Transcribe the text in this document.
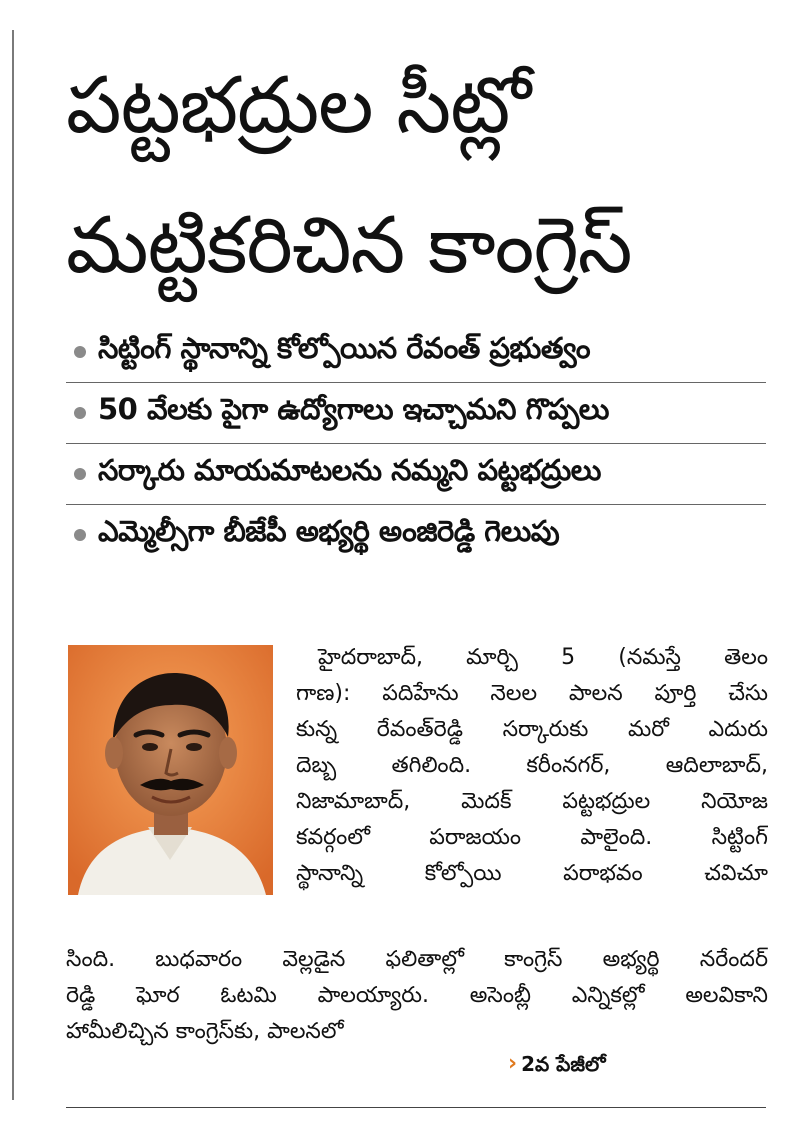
పట్టభద్రుల సీట్లో
మట్టికరిచిన కాంగ్రెస్
సిట్టింగ్ స్థానాన్ని కోల్పోయిన రేవంత్ ప్రభుత్వం
50 వేలకు పైగా ఉద్యోగాలు ఇచ్చామని గొప్పలు
సర్కారు మాయమాటలను నమ్మని పట్టభద్రులు
ఎమ్మెల్సీగా బీజేపీ అభ్యర్థి అంజిరెడ్డి గెలుపు
హైదరాబాద్, మార్చి 5 (నమస్తే తెలం
గాణ): పదిహేను నెలల పాలన పూర్తి చేసు
కున్న రేవంత్‌రెడ్డి సర్కారుకు మరో ఎదురు
దెబ్బ తగిలింది. కరీంనగర్, ఆదిలాబాద్,
నిజామాబాద్, మెదక్ పట్టభద్రుల నియోజ
కవర్గంలో పరాజయం పాలైంది. సిట్టింగ్
స్థానాన్ని కోల్పోయి పరాభవం చవిచూ
సింది. బుధవారం వెల్లడైన ఫలితాల్లో కాంగ్రెస్ అభ్యర్థి నరేందర్
రెడ్డి ఘోర ఓటమి పాలయ్యారు. అసెంబ్లీ ఎన్నికల్లో అలవికాని
హామీలిచ్చిన కాంగ్రెస్‌కు, పాలనలో
› 2వ పేజీలో
